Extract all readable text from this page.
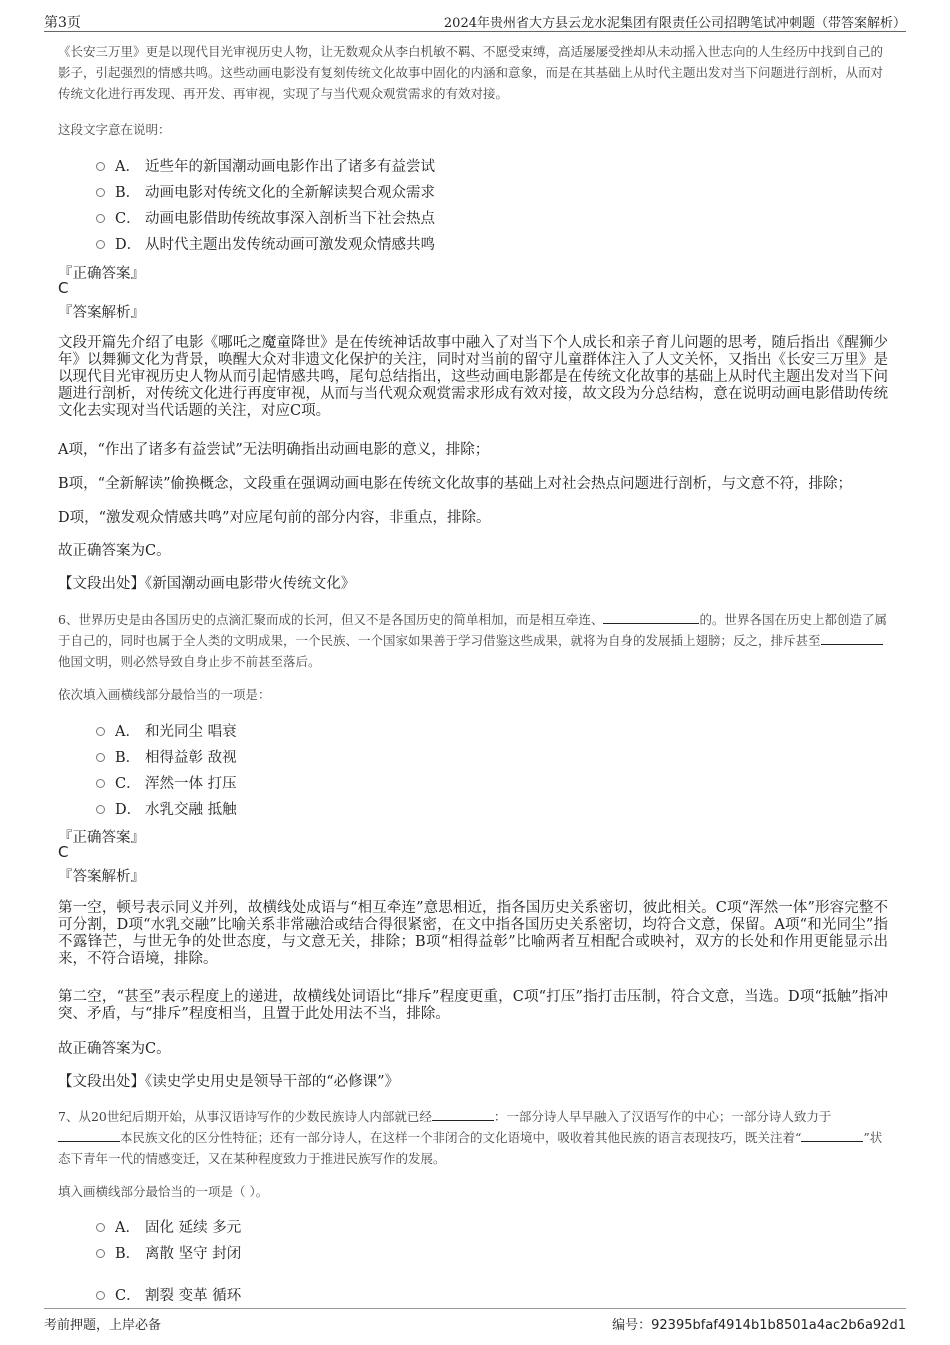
第3页	2024年贵州省大方县云龙水泥集团有限责任公司招聘笔试冲刺题（带答案解析）
《长安三万里》更是以现代目光审视历史人物，让无数观众从李白机敏不羁、不愿受束缚，高适屡屡受挫却从未动摇入世志向的人生经历中找到自己的影子，引起强烈的情感共鸣。这些动画电影没有复刻传统文化故事中固化的内涵和意象，而是在其基础上从时代主题出发对当下问题进行剖析，从而对传统文化进行再发现、再开发、再审视，实现了与当代观众观赏需求的有效对接。
这段文字意在说明：
A． 近些年的新国潮动画电影作出了诸多有益尝试
B． 动画电影对传统文化的全新解读契合观众需求
C． 动画电影借助传统故事深入剖析当下社会热点
D． 从时代主题出发传统动画可激发观众情感共鸣
『正确答案』
C
『答案解析』
文段开篇先介绍了电影《哪吒之魔童降世》是在传统神话故事中融入了对当下个人成长和亲子育儿问题的思考，随后指出《醒狮少年》以舞狮文化为背景，唤醒大众对非遗文化保护的关注，同时对当前的留守儿童群体注入了人文关怀，又指出《长安三万里》是以现代目光审视历史人物从而引起情感共鸣，尾句总结指出，这些动画电影都是在传统文化故事的基础上从时代主题出发对当下问题进行剖析，对传统文化进行再度审视，从而与当代观众观赏需求形成有效对接，故文段为分总结构，意在说明动画电影借助传统文化去实现对当代话题的关注，对应C项。
A项，“作出了诸多有益尝试”无法明确指出动画电影的意义，排除；
B项，“全新解读”偷换概念，文段重在强调动画电影在传统文化故事的基础上对社会热点问题进行剖析，与文意不符，排除；
D项，“激发观众情感共鸣”对应尾句前的部分内容，非重点，排除。
故正确答案为C。
【文段出处】《新国潮动画电影带火传统文化》
6、世界历史是由各国历史的点滴汇聚而成的长河，但又不是各国历史的简单相加，而是相互牵连、	的。世界各国在历史上都创造了属于自己的，同时也属于全人类的文明成果，一个民族、一个国家如果善于学习借鉴这些成果，就将为自身的发展插上翅膀；反之，排斥甚至他国文明，则必然导致自身止步不前甚至落后。
依次填入画横线部分最恰当的一项是：
A． 和光同尘 唱衰
B． 相得益彰 敌视
C． 浑然一体 打压
D． 水乳交融 抵触
『正确答案』
C
『答案解析』
第一空，顿号表示同义并列，故横线处成语与“相互牵连”意思相近，指各国历史关系密切，彼此相关。C项“浑然一体”形容完整不可分割，D项“水乳交融”比喻关系非常融洽或结合得很紧密，在文中指各国历史关系密切，均符合文意，保留。A项“和光同尘”指不露锋芒，与世无争的处世态度，与文意无关，排除；B项“相得益彰”比喻两者互相配合或映衬，双方的长处和作用更能显示出来，不符合语境，排除。
第二空，“甚至”表示程度上的递进，故横线处词语比“排斥”程度更重，C项“打压”指打击压制，符合文意，当选。D项“抵触”指冲突、矛盾，与“排斥”程度相当，且置于此处用法不当，排除。
故正确答案为C。
【文段出处】《读史学史用史是领导干部的“必修课”》
7、从20世纪后期开始，从事汉语诗写作的少数民族诗人内部就已经	：一部分诗人早早融入了汉语写作的中心；一部分诗人致力于本民族文化的区分性特征；还有一部分诗人，在这样一个非闭合的文化语境中，吸收着其他民族的语言表现技巧，既关注着“	”状态下青年一代的情感变迁，又在某种程度致力于推进民族写作的发展。
填入画横线部分最恰当的一项是（ ）。
A． 固化 延续 多元
B． 离散 坚守 封闭
C． 割裂 变革 循环
考前押题，上岸必备	编号：92395bfaf4914b1b8501a4ac2b6a92d1
